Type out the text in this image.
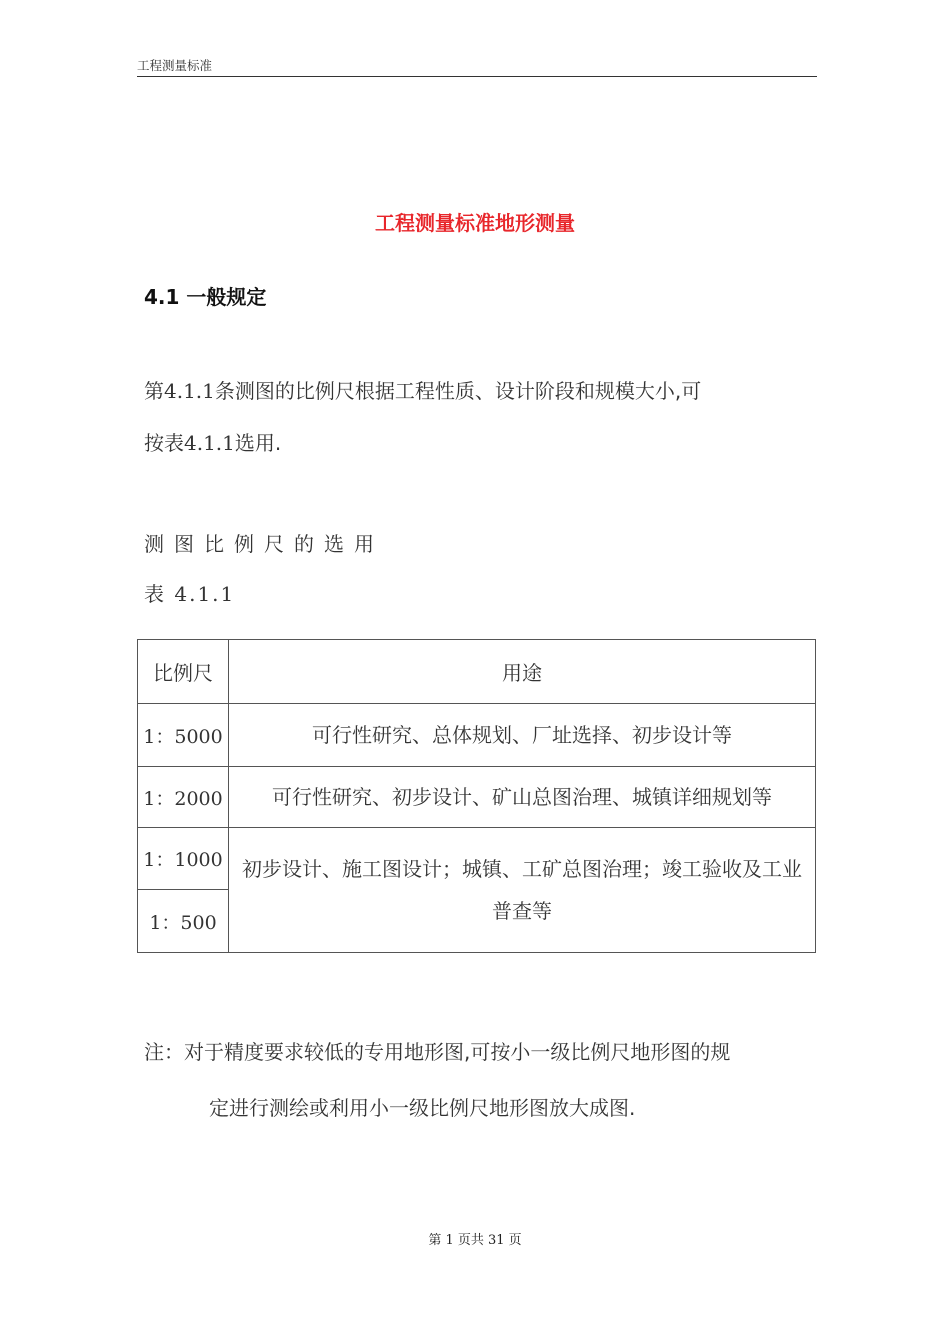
工程测量标准
工程测量标准地形测量
4.1 一般规定
第4.1.1条测图的比例尺根据工程性质、设计阶段和规模大小,可
按表4.1.1选用.
测图比例尺的选用
表 4.1.1
比例尺	用途
1：5000	可行性研究、总体规划、厂址选择、初步设计等
1：2000	可行性研究、初步设计、矿山总图治理、城镇详细规划等
1：1000	初步设计、施工图设计；城镇、工矿总图治理；竣工验收及工业普查等
1：500	
注：对于精度要求较低的专用地形图,可按小一级比例尺地形图的规
定进行测绘或利用小一级比例尺地形图放大成图.
第 1 页共 31 页
